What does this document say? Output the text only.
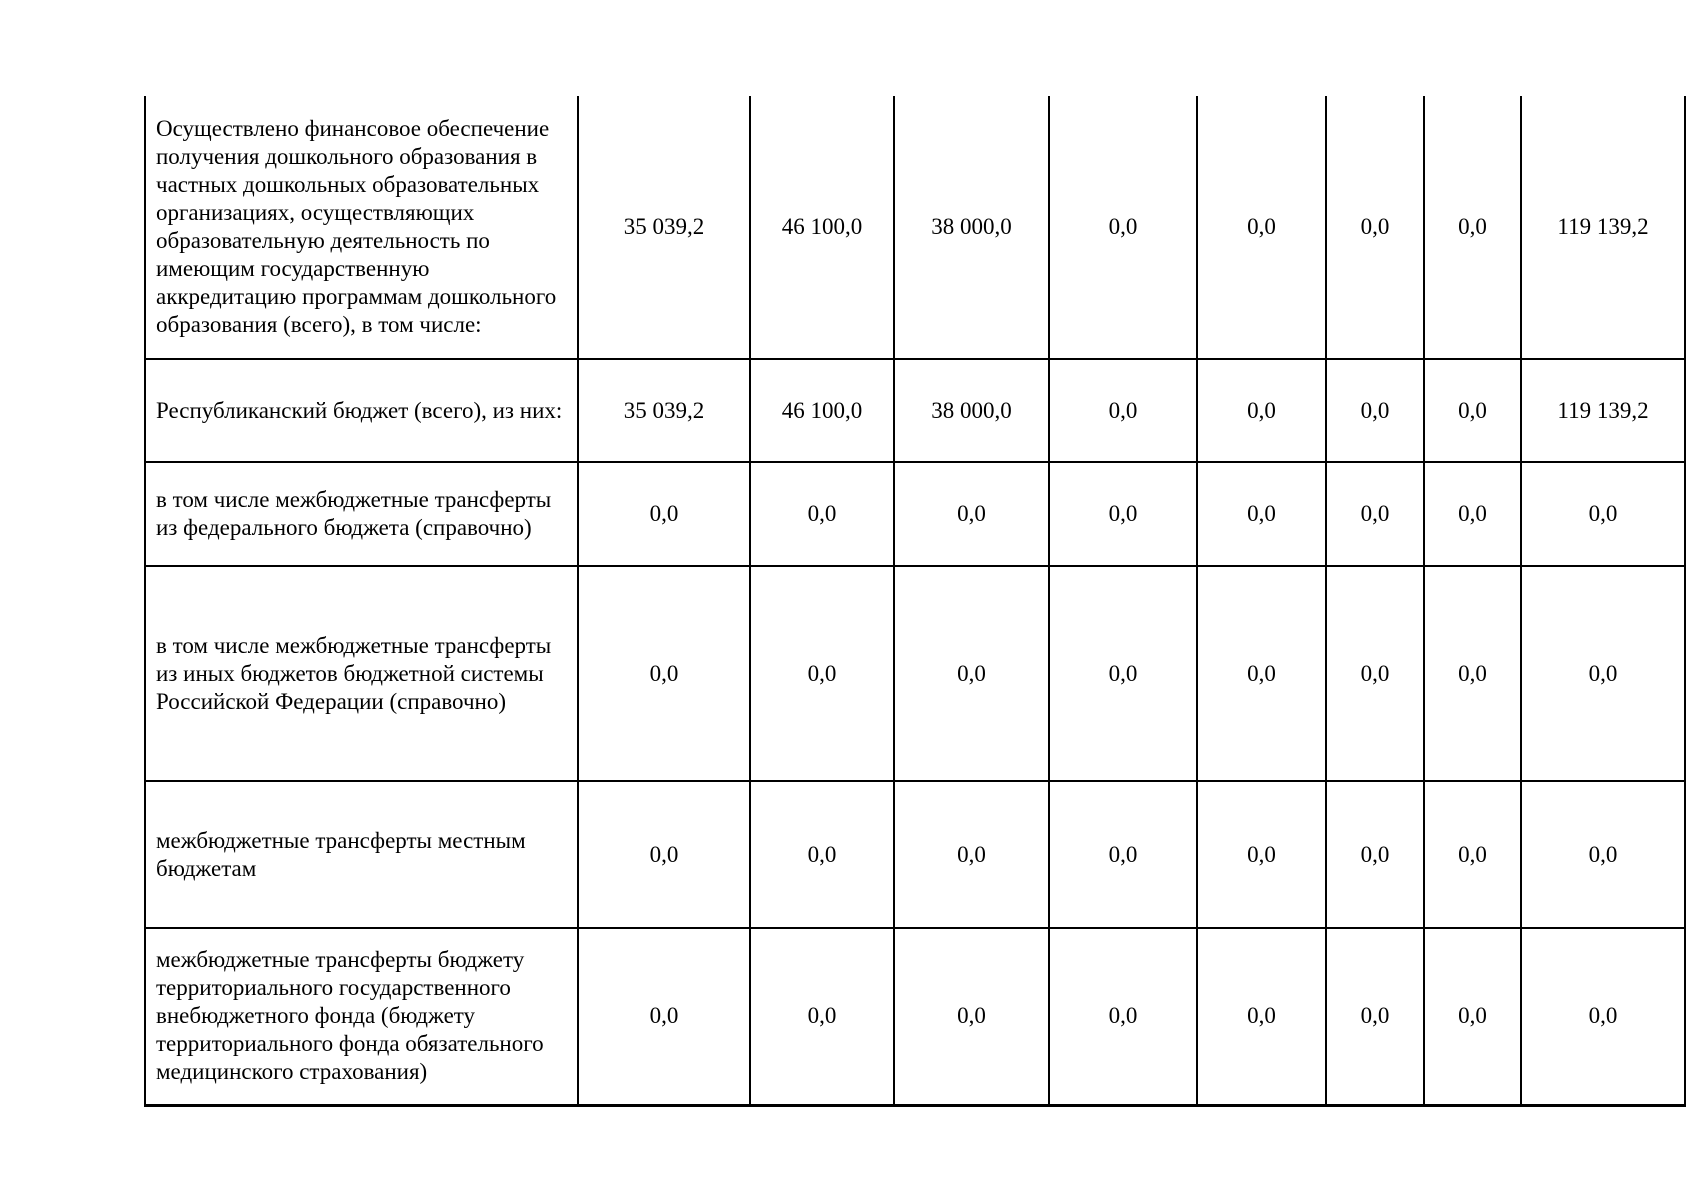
Осуществлено финансовое обеспечение получения дошкольного образования в частных дошкольных образовательных организациях, осуществляющих образовательную деятельность по имеющим государственную аккредитацию программам дошкольного образования (всего), в том числе:	35 039,2	46 100,0	38 000,0	0,0	0,0	0,0	0,0	119 139,2
Республиканский бюджет (всего), из них:	35 039,2	46 100,0	38 000,0	0,0	0,0	0,0	0,0	119 139,2
в том числе межбюджетные трансферты из федерального бюджета (справочно)	0,0	0,0	0,0	0,0	0,0	0,0	0,0	0,0
в том числе межбюджетные трансферты из иных бюджетов бюджетной системы Российской Федерации (справочно)	0,0	0,0	0,0	0,0	0,0	0,0	0,0	0,0
межбюджетные трансферты местным бюджетам	0,0	0,0	0,0	0,0	0,0	0,0	0,0	0,0
межбюджетные трансферты бюджету территориального государственного внебюджетного фонда (бюджету территориального фонда обязательного медицинского страхования)	0,0	0,0	0,0	0,0	0,0	0,0	0,0	0,0
